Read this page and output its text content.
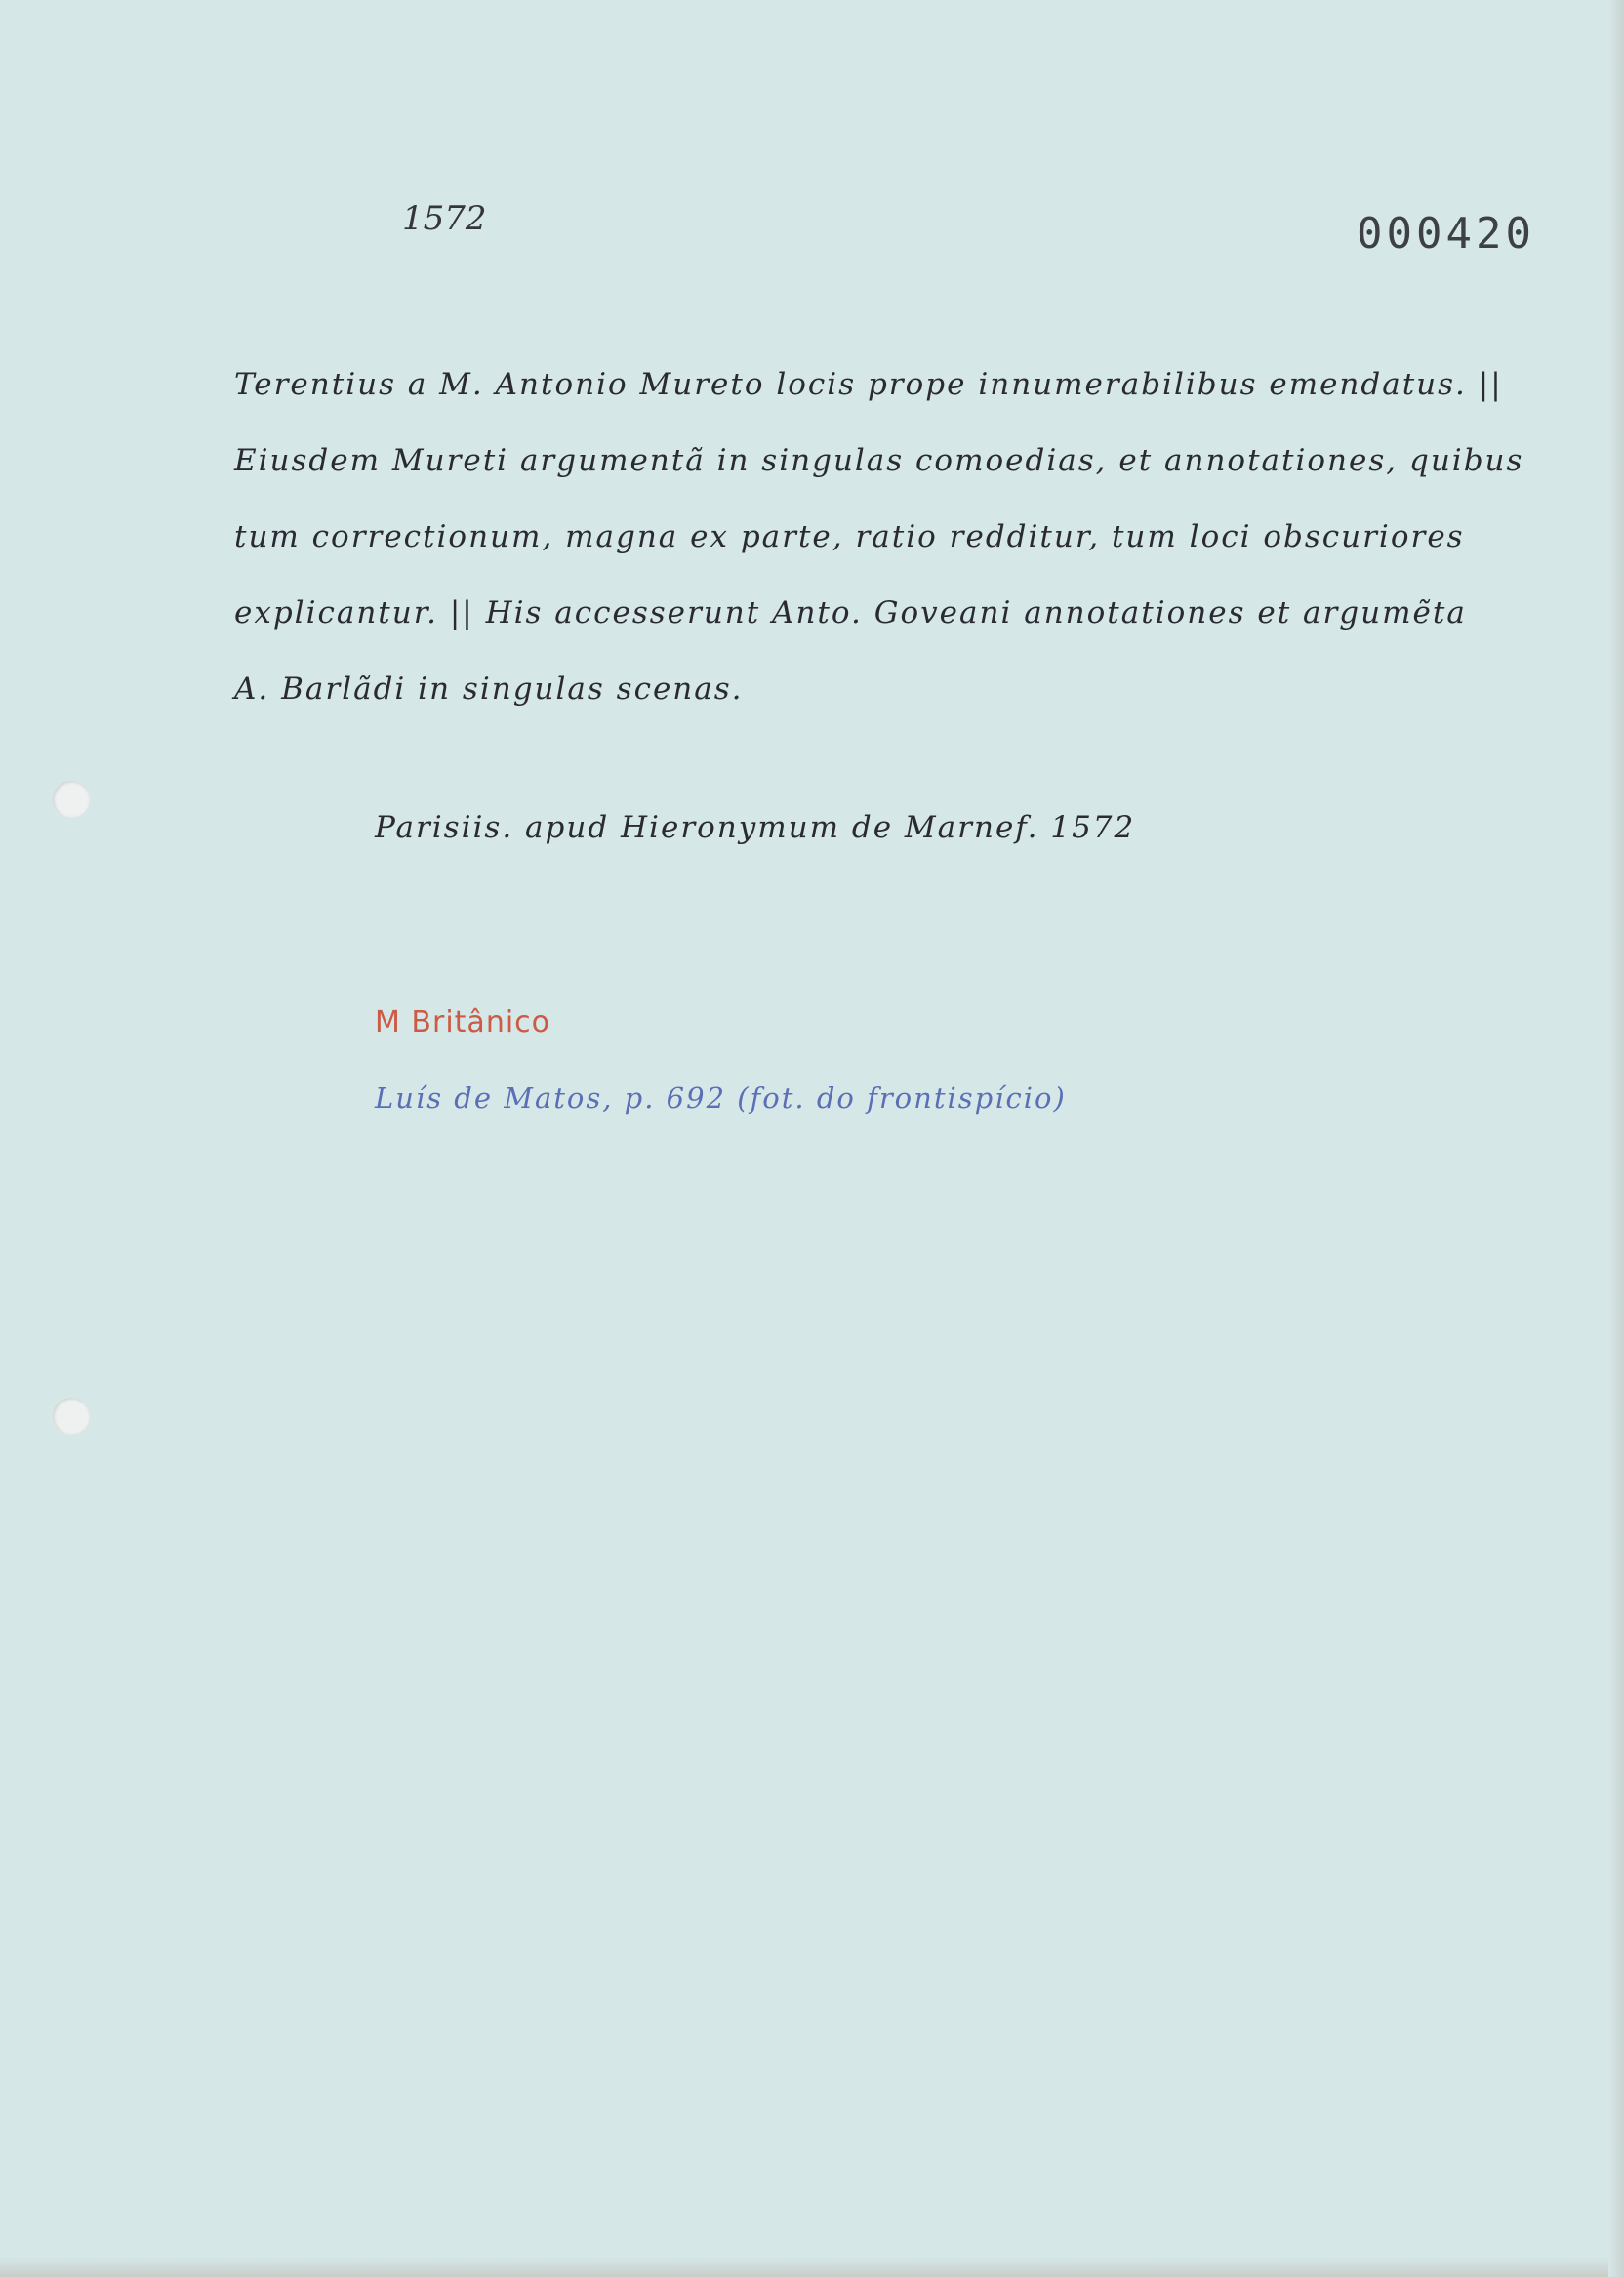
1572	000420
Terentius a M. Antonio Mureto locis prope innumerabilibus emendatus. ||
Eiusdem Mureti argumentã in singulas comoedias, et annotationes, quibus
tum correctionum, magna ex parte, ratio redditur, tum loci obscuriores
explicantur. || His accesserunt Anto. Goveani annotationes et argumẽta
A. Barlãdi in singulas scenas.
Parisiis. apud Hieronymum de Marnef. 1572
M Britânico
Luís de Matos, p. 692 (fot. do frontispício)
